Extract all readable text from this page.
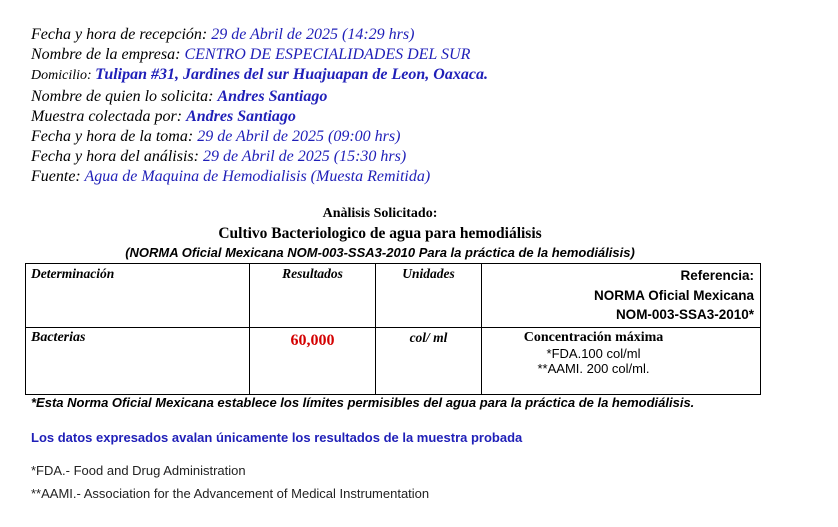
Fecha y hora de recepción: 29 de Abril de 2025 (14:29 hrs)
Nombre de la empresa: CENTRO DE ESPECIALIDADES DEL SUR
Domicilio: Tulipan #31, Jardines del sur Huajuapan de Leon, Oaxaca.
Nombre de quien lo solicita: Andres Santiago
Muestra colectada por: Andres Santiago
Fecha y hora de la toma: 29 de Abril de 2025 (09:00 hrs)
Fecha y hora del análisis: 29 de Abril de 2025 (15:30 hrs)
Fuente: Agua de Maquina de Hemodialisis (Muesta Remitida)
Anàlisis Solicitado:
Cultivo Bacteriologico de agua para hemodiálisis
(NORMA Oficial Mexicana NOM-003-SSA3-2010 Para la práctica de la hemodiálisis)
Determinación	Resultados	Unidades	Referencia:
NORMA Oficial Mexicana
NOM-003-SSA3-2010*

Bacterias	60,000	col/ ml	Concentración máxima
*FDA.100 col/ml
**AAMI. 200 col/ml.
*Esta Norma Oficial Mexicana establece los límites permisibles del agua para la práctica de la hemodiálisis.
Los datos expresados avalan únicamente los resultados de la muestra probada
*FDA.- Food and Drug Administration
**AAMI.- Association for the Advancement of Medical Instrumentation
